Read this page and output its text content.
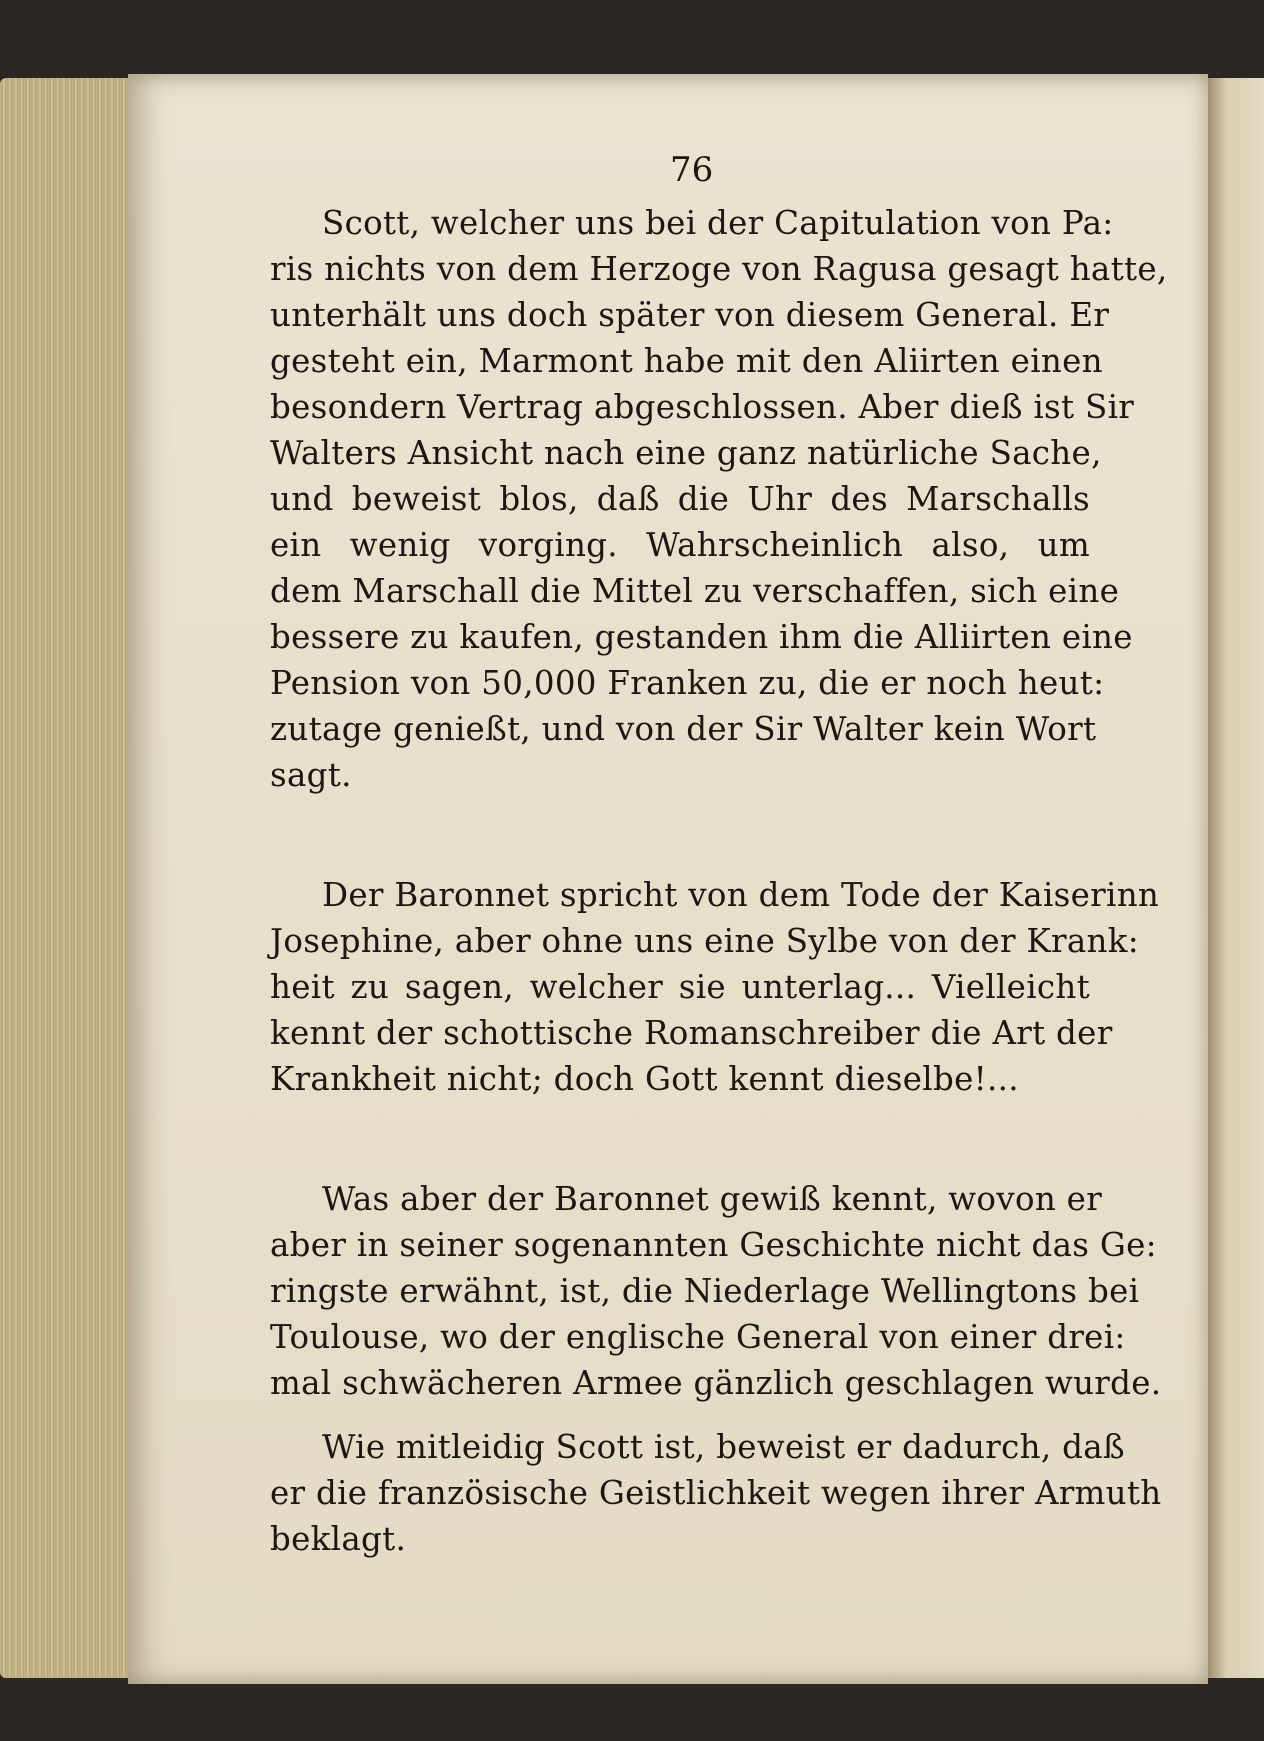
76
Scott, welcher uns bei der Capitulation von Pa:
ris nichts von dem Herzoge von Ragusa gesagt hatte,
unterhält uns doch später von diesem General. Er
gesteht ein, Marmont habe mit den Aliirten einen
besondern Vertrag abgeschlossen. Aber dieß ist Sir
Walters Ansicht nach eine ganz natürliche Sache,
und beweist blos, daß die Uhr des Marschalls
ein wenig vorging. Wahrscheinlich also, um
dem Marschall die Mittel zu verschaffen, sich eine
bessere zu kaufen, gestanden ihm die Alliirten eine
Pension von 50,000 Franken zu, die er noch heut:
zutage genießt, und von der Sir Walter kein Wort
sagt.
Der Baronnet spricht von dem Tode der Kaiserinn
Josephine, aber ohne uns eine Sylbe von der Krank:
heit zu sagen, welcher sie unterlag... Vielleicht
kennt der schottische Romanschreiber die Art der
Krankheit nicht; doch Gott kennt dieselbe!...
Was aber der Baronnet gewiß kennt, wovon er
aber in seiner sogenannten Geschichte nicht das Ge:
ringste erwähnt, ist, die Niederlage Wellingtons bei
Toulouse, wo der englische General von einer drei:
mal schwächeren Armee gänzlich geschlagen wurde.
Wie mitleidig Scott ist, beweist er dadurch, daß
er die französische Geistlichkeit wegen ihrer Armuth
beklagt.
